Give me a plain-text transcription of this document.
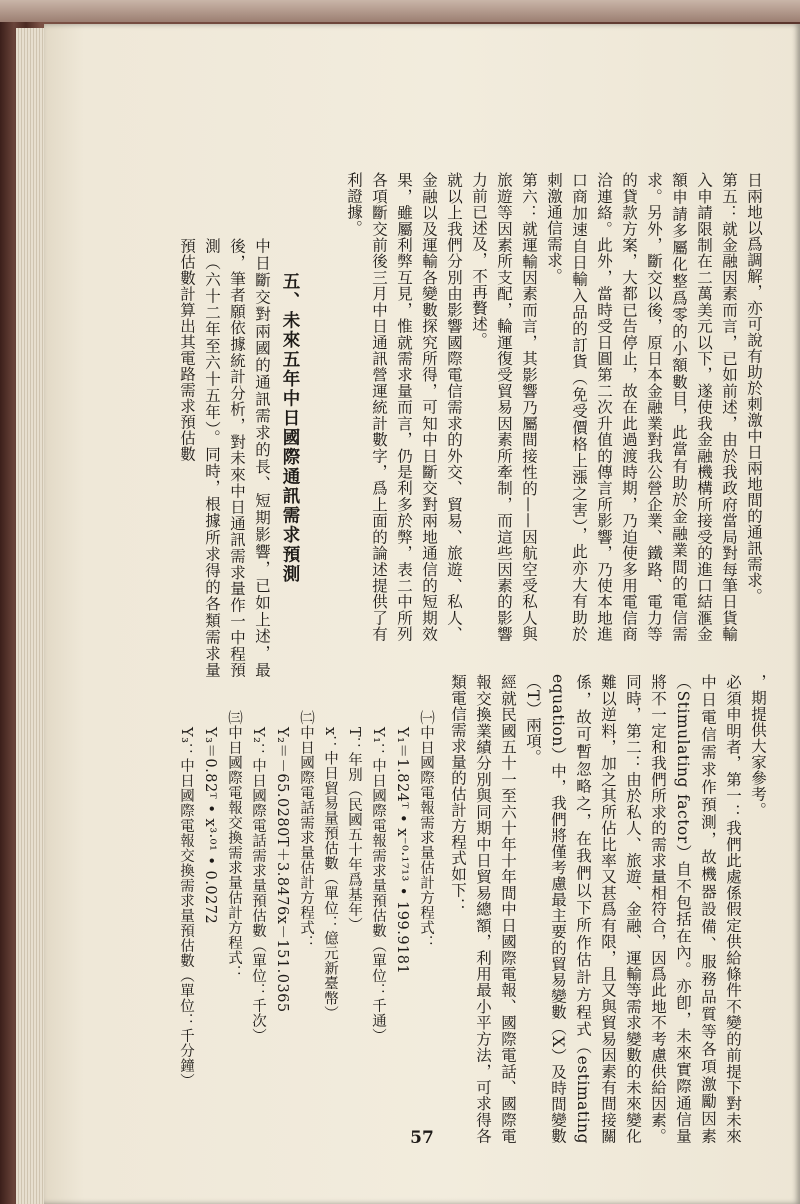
日兩地以爲調解，亦可說有助於刺激中日兩地間的通訊需求。

第五：就金融因素而言，已如前述，由於我政府當局對每筆日貨輸入申請限制在二萬美元以下，遂使我金融機構所接受的進口結滙金額申請多屬化整爲零的小額數目，此當有助於金融業間的電信需求。另外，斷交以後，原日本金融業對我公營企業、鐵路、電力等的貸款方案，大都已告停止，故在此過渡時期，乃迫使多用電信商洽連絡。此外，當時受日圓第二次升值的傳言所影響，乃使本地進口商加速自日輸入品的訂貨（免受價格上漲之害），此亦大有助於刺激通信需求。

第六：就運輸因素而言，其影響乃屬間接性的——因航空受私人與旅遊等因素所支配，輪運復受貿易因素所牽制，而這些因素的影響力前已述及，不再贅述。

就以上我們分別由影響國際電信需求的外交、貿易、旅遊、私人、金融以及運輸各變數探究所得，可知中日斷交對兩地通信的短期效果，雖屬利弊互見，惟就需求量而言，仍是利多於弊，表二中所列各項斷交前後三月中日通訊營運統計數字，爲上面的論述提供了有利證據。

五、未來五年中日國際通訊需求預測

中日斷交對兩國的通訊需求的長、短期影響，已如上述，最後，筆者願依據統計分析，對未來中日通訊需求量作一中程預測（六十二年至六十五年）。同時，根據所求得的各類需求量預估數計算出其電路需求預估數

，期提供大家參考。

必須申明者，第一：我們此處係假定供給條件不變的前提下對未來中日電信需求作預測，故機器設備、服務品質等各項激勵因素（Stimulating factor）自不包括在內。亦卽，未來實際通信量將不一定和我們所求的需求量相符合，因爲此地不考慮供給因素。同時，第二：由於私人、旅遊、金融、運輸等需求變數的未來變化難以逆料，加之其所佔比率又甚爲有限，且又與貿易因素有間接關係，故可暫忽略之，在我們以下所作估計方程式（estimating equation）中，我們將僅考慮最主要的貿易變數（X）及時間變數（T）兩項。

經就民國五十一至六十年十年間中日國際電報、國際電話、國際電報交換業績分別與同期中日貿易總額，利用最小平方法，可求得各類電信需求量的估計方程式如下：

㈠中日國際電報需求量估計方程式：

Y₁＝1.824ᵀ • x⁻⁰·¹⁷¹³ • 199.9181

Y₁：中日國際電報需求量預估數（單位：千通）

T：年別（民國五十年爲基年）

x：中日貿易量預估數（單位：億元新臺幣）

㈡中日國際電話需求量估計方程式：

Y₂＝－65.0280T＋3.8476x－151.0365

Y₂：中日國際電話需求量預估數（單位：千次）

㈢中日國際電報交換需求量估計方程式：

Y₃＝0.82ᵀ • x³·⁰¹ • 0.0272

Y₃：中日國際電報交換需求量預估數（單位：千分鐘）

57
